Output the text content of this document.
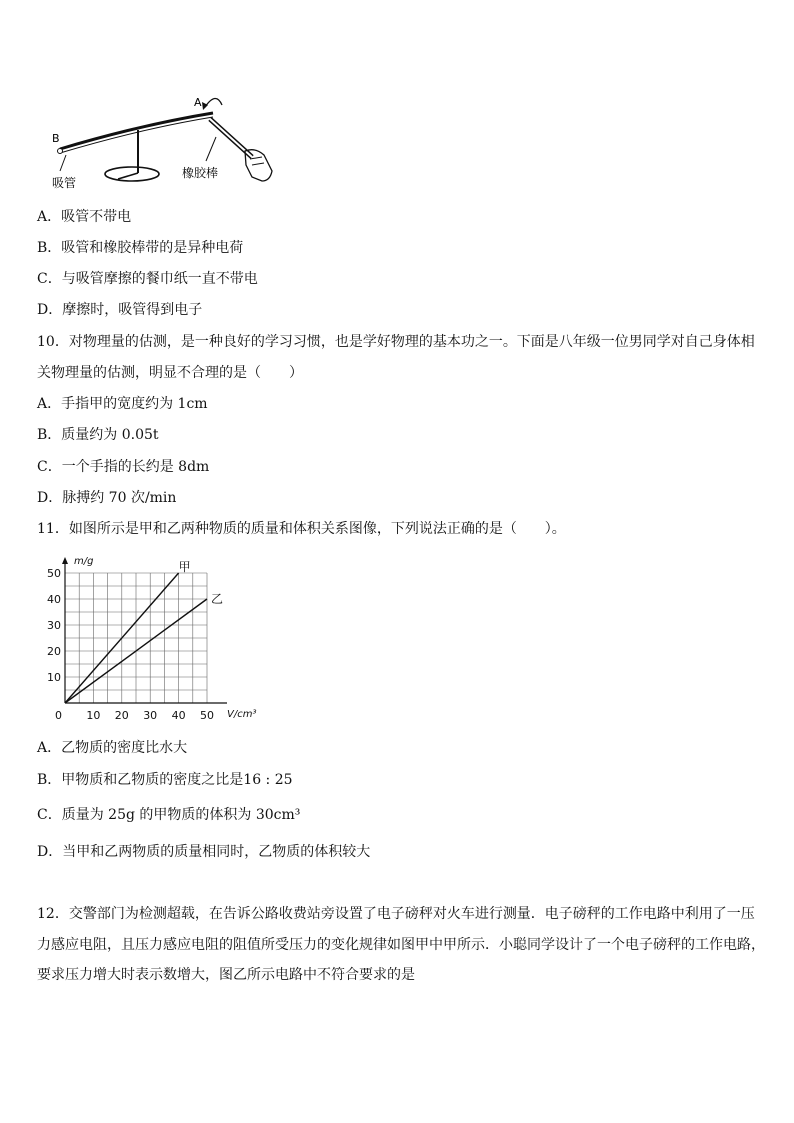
A
B
吸管
橡胶棒
A．吸管不带电
B．吸管和橡胶棒带的是异种电荷
C．与吸管摩擦的餐巾纸一直不带电
D．摩擦时，吸管得到电子
10．对物理量的估测，是一种良好的学习习惯，也是学好物理的基本功之一。下面是八年级一位男同学对自己身体相
关物理量的估测，明显不合理的是（　　）
A．手指甲的宽度约为 1cm
B．质量约为 0.05t
C．一个手指的长约是 8dm
D．脉搏约 70 次/min
11．如图所示是甲和乙两种物质的质量和体积关系图像，下列说法正确的是（　　）。
0 10 20 30 40 50
10
20
30
40
50
m/g
V/cm³
甲
乙
A．乙物质的密度比水大
B．甲物质和乙物质的密度之比是16 : 25
C．质量为 25g 的甲物质的体积为 30cm³
D．当甲和乙两物质的质量相同时，乙物质的体积较大
12．交警部门为检测超载，在告诉公路收费站旁设置了电子磅秤对火车进行测量．电子磅秤的工作电路中利用了一压
力感应电阻，且压力感应电阻的阻值所受压力的变化规律如图甲中甲所示．小聪同学设计了一个电子磅秤的工作电路，
要求压力增大时表示数增大，图乙所示电路中不符合要求的是
